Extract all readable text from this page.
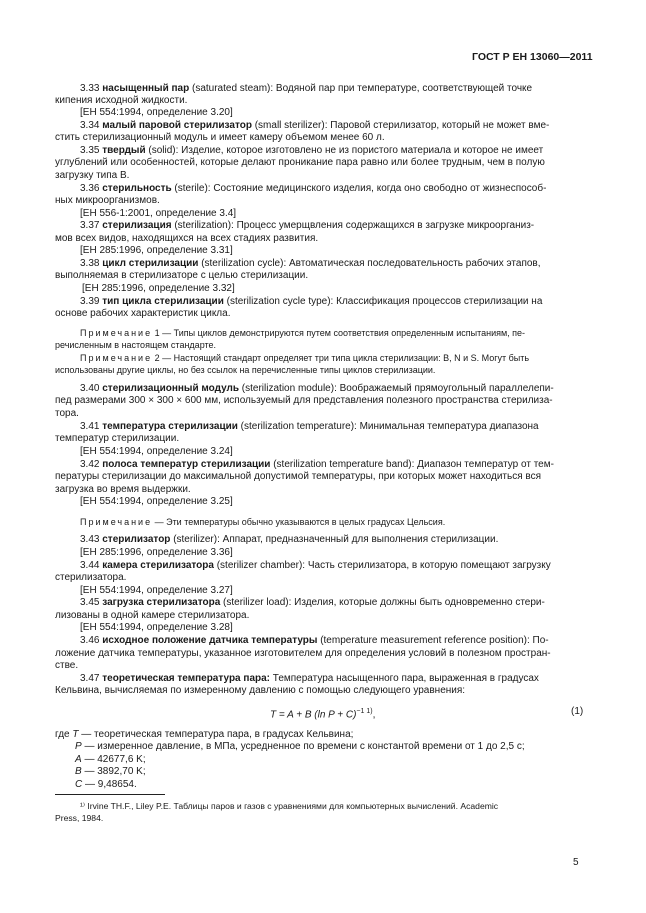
ГОСТ Р ЕН 13060—2011
3.33 насыщенный пар (saturated steam): Водяной пар при температуре, соответствующей точке
кипения исходной жидкости.
[ЕН 554:1994, определение 3.20]
3.34 малый паровой стерилизатор (small sterilizer): Паровой стерилизатор, который не может вме-
стить стерилизационный модуль и имеет камеру объемом менее 60 л.
3.35 твердый (solid): Изделие, которое изготовлено не из пористого материала и которое не имеет
углублений или особенностей, которые делают проникание пара равно или более трудным, чем в полую
загрузку типа В.
3.36 стерильность (sterile): Состояние медицинского изделия, когда оно свободно от жизнеспособ-
ных микроорганизмов.
[ЕН 556-1:2001, определение 3.4]
3.37 стерилизация (sterilization): Процесс умерщвления содержащихся в загрузке микроорганиз-
мов всех видов, находящихся на всех стадиях развития.
[ЕН 285:1996, определение 3.31]
3.38 цикл стерилизации (sterilization cycle): Автоматическая последовательность рабочих этапов,
выполняемая в стерилизаторе с целью стерилизации.
[ЕН 285:1996, определение 3.32]
3.39 тип цикла стерилизации (sterilization cycle type): Классификация процессов стерилизации на
основе рабочих характеристик цикла.
Примечание 1 — Типы циклов демонстрируются путем соответствия определенным испытаниям, пе-
речисленным в настоящем стандарте.
Примечание 2 — Настоящий стандарт определяет три типа цикла стерилизации: В, N и S. Могут быть
использованы другие циклы, но без ссылок на перечисленные типы циклов стерилизации.
3.40 стерилизационный модуль (sterilization module): Воображаемый прямоугольный параллелепи-
пед размерами 300 × 300 × 600 мм, используемый для представления полезного пространства стерилиза-
тора.
3.41 температура стерилизации (sterilization temperature): Минимальная температура диапазона
температур стерилизации.
[ЕН 554:1994, определение 3.24]
3.42 полоса температур стерилизации (sterilization temperature band): Диапазон температур от тем-
пературы стерилизации до максимальной допустимой температуры, при которых может находиться вся
загрузка во время выдержки.
[ЕН 554:1994, определение 3.25]
Примечание — Эти температуры обычно указываются в целых градусах Цельсия.
3.43 стерилизатор (sterilizer): Аппарат, предназначенный для выполнения стерилизации.
[ЕН 285:1996, определение 3.36]
3.44 камера стерилизатора (sterilizer chamber): Часть стерилизатора, в которую помещают загрузку
стерилизатора.
[ЕН 554:1994, определение 3.27]
3.45 загрузка стерилизатора (sterilizer load): Изделия, которые должны быть одновременно стери-
лизованы в одной камере стерилизатора.
[ЕН 554:1994, определение 3.28]
3.46 исходное положение датчика температуры (temperature measurement reference position): По-
ложение датчика температуры, указанное изготовителем для определения условий в полезном простран-
стве.
3.47 теоретическая температура пара: Температура насыщенного пара, выраженная в градусах
Кельвина, вычисляемая по измеренному давлению с помощью следующего уравнения:
где T — теоретическая температура пара, в градусах Кельвина;
P — измеренное давление, в МПа, усредненное по времени с константой времени от 1 до 2,5 с;
A — 42677,6 K;
B — 3892,70 K;
C — 9,48654.
¹⁾ Irvine TH.F., Liley P.E. Таблицы паров и газов с уравнениями для компьютерных вычислений. Academic
Press, 1984.
T = A + B (ln P + C)$^{-1 1)}$,	(1)
5
